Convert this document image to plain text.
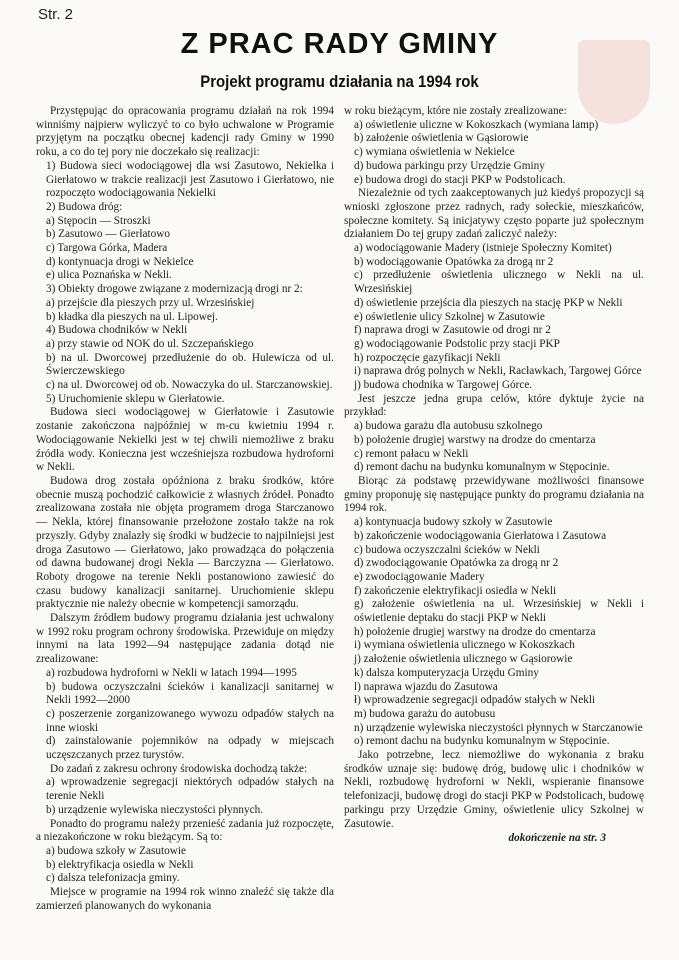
Str. 2
Z PRAC RADY GMINY
Projekt programu działania na 1994 rok

Przystępując do opracowania programu działań na rok 1994 winniśmy najpierw wyliczyć to co było uchwalone w Programie przyjętym na początku obecnej kadencji rady Gminy w 1990 roku, a co do tej pory nie doczekało się realizacji:

1) Budowa sieci wodociągowej dla wsi Zasutowo, Nekielka i Gierłatowo w trakcie realizacji jest Zasutowo i Gierłatowo, nie rozpoczęto wodociągowania Nekielki

2) Budowa dróg:

a) Stępocin — Stroszki

b) Zasutowo — Gierłatowo

c) Targowa Górka, Madera

d) kontynuacja drogi w Nekielce

e) ulica Poznańska w Nekli.

3) Obiekty drogowe związane z modernizacją drogi nr 2:

a) przejście dla pieszych przy ul. Wrzesińskiej

b) kładka dla pieszych na ul. Lipowej.

4) Budowa chodników w Nekli

a) przy stawie od NOK do ul. Szczepańskiego

b) na ul. Dworcowej przedłużenie do ob. Hulewicza od ul. Świerczewskiego

c) na ul. Dworcowej od ob. Nowaczyka do ul. Starczanowskiej.

5) Uruchomienie sklepu w Gierłatowie.

Budowa sieci wodociągowej w Gierłatowie i Zasutowie zostanie zakończona najpóźniej w m-cu kwietniu 1994 r. Wodociągowanie Nekielki jest w tej chwili niemożliwe z braku źródła wody. Konieczna jest wcześniejsza rozbudowa hydroforni w Nekli.

Budowa drog została opóźniona z braku środków, które obecnie muszą pochodzić całkowicie z własnych źródeł. Ponadto zrealizowana została nie objęta programem droga Starczanowo — Nekla, której finansowanie przełożone zostało także na rok przyszły. Gdyby znalazły się środki w budżecie to najpilniejsi jest droga Zasutowo — Gierłatowo, jako prowadząca do połączenia od dawna budowanej drogi Nekla — Barczyzna — Gierłatowo. Roboty drogowe na terenie Nekli postanowiono zawiesić do czasu budowy kanalizacji sanitarnej. Uruchomienie sklepu praktycznie nie należy obecnie w kompetencji samorządu.

Dalszym źródłem budowy programu działania jest uchwalony w 1992 roku program ochrony środowiska. Przewiduje on między innymi na lata 1992—94 następujące zadania dotąd nie zrealizowane:

a) rozbudowa hydroforni w Nekli w latach 1994—1995

b) budowa oczyszczalni ścieków i kanalizacji sanitarnej w Nekli 1992—2000

c) poszerzenie zorganizowanego wywozu odpadów stałych na inne wioski

d) zainstalowanie pojemników na odpady w miejscach uczęszczanych przez turystów.

Do zadań z zakresu ochrony środowiska dochodzą także:

a) wprowadzenie segregacji niektórych odpadów stałych na terenie Nekli

b) urządzenie wylewiska nieczystości płynnych.

Ponadto do programu należy przenieść zadania już rozpoczęte, a niezakończone w roku bieżącym. Są to:

a) budowa szkoły w Zasutowie

b) elektryfikacja osiedla w Nekli

c) dalsza telefonizacja gminy.

Miejsce w programie na 1994 rok winno znaleźć się także dla zamierzeń planowanych do wykonania

w roku bieżącym, które nie zostały zrealizowane:

a) oświetlenie uliczne w Kokoszkach (wymiana lamp)

b) założenie oświetlenia w Gąsiorowie

c) wymiana oświetlenia w Nekielce

d) budowa parkingu przy Urzędzie Gminy

e) budowa drogi do stacji PKP w Podstolicach.

Niezależnie od tych zaakceptowanych już kiedyś propozycji są wnioski zgłoszone przez radnych, rady sołeckie, mieszkańców, społeczne komitety. Są inicjatywy często poparte już społecznym działaniem Do tej grupy zadań zaliczyć należy:

a) wodociągowanie Madery (istnieje Społeczny Komitet)

b) wodociągowanie Opatówka za drogą nr 2

c) przedłużenie oświetlenia ulicznego w Nekli na ul. Wrzesińskiej

d) oświetlenie przejścia dla pieszych na stację PKP w Nekli

e) oświetlenie ulicy Szkolnej w Zasutowie

f) naprawa drogi w Zasutowie od drogi nr 2

g) wodociągowanie Podstolic przy stacji PKP

h) rozpoczęcie gazyfikacji Nekli

i) naprawa dróg polnych w Nekli, Racławkach, Targowej Górce

j) budowa chodnika w Targowej Górce.

Jest jeszcze jedna grupa celów, które dyktuje życie na przykład:

a) budowa garażu dla autobusu szkolnego

b) położenie drugiej warstwy na drodze do cmentarza

c) remont pałacu w Nekli

d) remont dachu na budynku komunalnym w Stępocinie.

Biorąc za podstawę przewidywane możliwości finansowe gminy proponuję się następujące punkty do programu działania na 1994 rok.

a) kontynuacja budowy szkoły w Zasutowie

b) zakończenie wodociągowania Gierłatowa i Zasutowa

c) budowa oczyszczalni ścieków w Nekli

d) zwodociągowanie Opatówka za drogą nr 2

e) zwodociągowanie Madery

f) zakończenie elektryfikacji osiedla w Nekli

g) założenie oświetlenia na ul. Wrzesińskiej w Nekli i oświetlenie deptaku do stacji PKP w Nekli

h) położenie drugiej warstwy na drodze do cmentarza

i) wymiana oświetlenia ulicznego w Kokoszkach

j) założenie oświetlenia ulicznego w Gąsiorowie

k) dalsza komputeryzacja Urzędu Gminy

l) naprawa wjazdu do Zasutowa

ł) wprowadzenie segregacji odpadów stałych w Nekli

m) budowa garażu do autobusu

n) urządzenie wylewiska nieczystości płynnych w Starczanowie

o) remont dachu na budynku komunalnym w Stępocinie.

Jako potrzebne, lecz niemożliwe do wykonania z braku środków uznaje się: budowę dróg, budowę ulic i chodników w Nekli, rozbudowę hydroforni w Nekli, wspieranie finansowe telefonizacji, budowę drogi do stacji PKP w Podstolicach, budowę parkingu przy Urzędzie Gminy, oświetlenie ulicy Szkolnej w Zasutowie.

dokończenie na str. 3
